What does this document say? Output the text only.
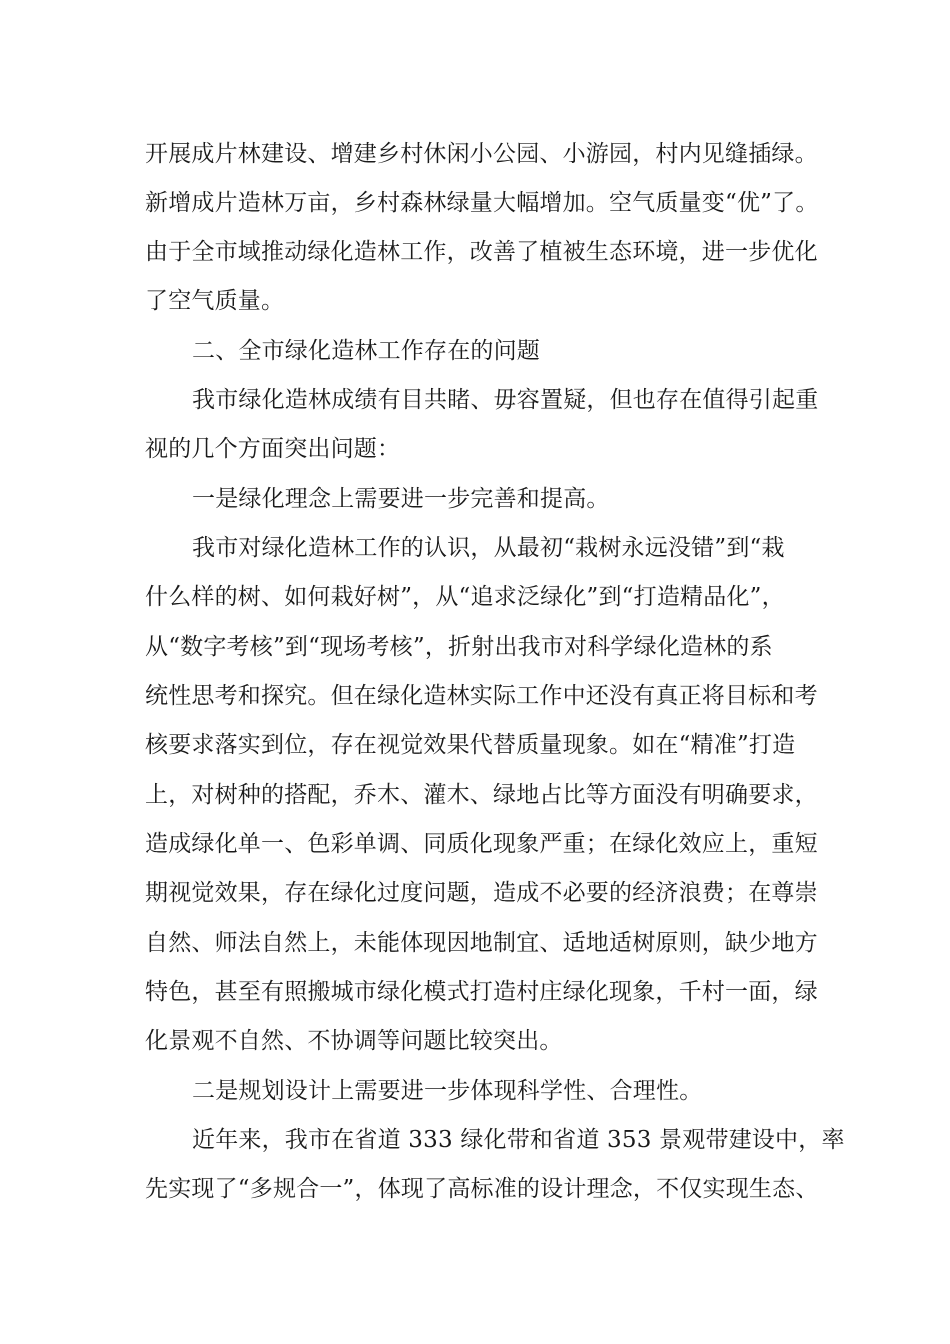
开展成片林建设、增建乡村休闲小公园、小游园，村内见缝插绿。
新增成片造林万亩，乡村森林绿量大幅增加。空气质量变“优”了。
由于全市域推动绿化造林工作，改善了植被生态环境，进一步优化
了空气质量。
二、全市绿化造林工作存在的问题
我市绿化造林成绩有目共睹、毋容置疑，但也存在值得引起重
视的几个方面突出问题：
一是绿化理念上需要进一步完善和提高。
我市对绿化造林工作的认识，从最初“栽树永远没错”到“栽
什么样的树、如何栽好树”，从“追求泛绿化”到“打造精品化”，
从“数字考核”到“现场考核”，折射出我市对科学绿化造林的系
统性思考和探究。但在绿化造林实际工作中还没有真正将目标和考
核要求落实到位，存在视觉效果代替质量现象。如在“精准”打造
上，对树种的搭配，乔木、灌木、绿地占比等方面没有明确要求，
造成绿化单一、色彩单调、同质化现象严重；在绿化效应上，重短
期视觉效果，存在绿化过度问题，造成不必要的经济浪费；在尊崇
自然、师法自然上，未能体现因地制宜、适地适树原则，缺少地方
特色，甚至有照搬城市绿化模式打造村庄绿化现象，千村一面，绿
化景观不自然、不协调等问题比较突出。
二是规划设计上需要进一步体现科学性、合理性。
近年来，我市在省道 333 绿化带和省道 353 景观带建设中，率
先实现了“多规合一”，体现了高标准的设计理念，不仅实现生态、
